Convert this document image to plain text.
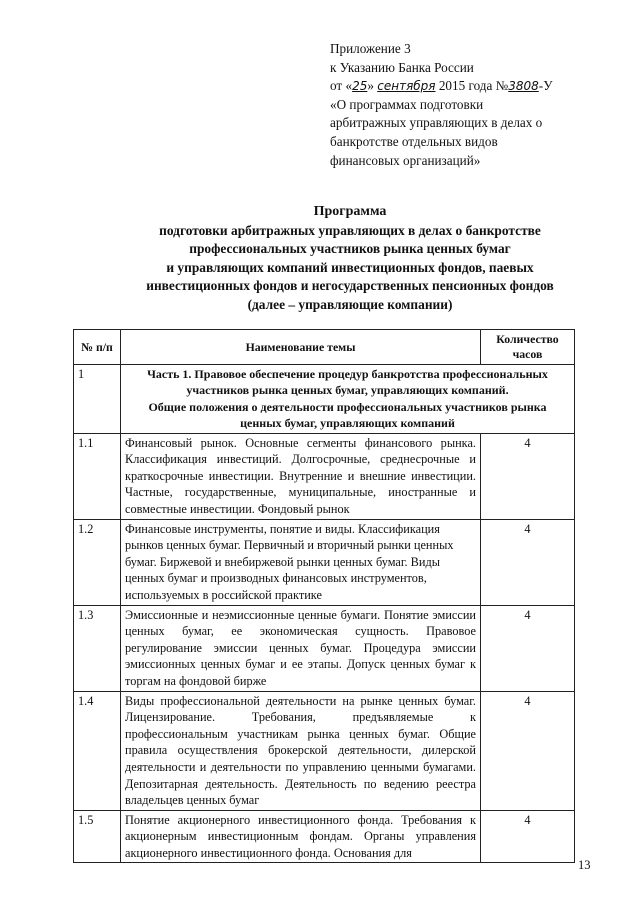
Приложение 3
к Указанию Банка России
от «25» сентября 2015 года №3808-У
«О программах подготовки
арбитражных управляющих в делах о
банкротстве отдельных видов
финансовых организаций»
Программа
подготовки арбитражных управляющих в делах о банкротстве
профессиональных участников рынка ценных бумаг
и управляющих компаний инвестиционных фондов, паевых
инвестиционных фондов и негосударственных пенсионных фондов
(далее – управляющие компании)
№ п/п	Наименование темы	Количество часов
1	Часть 1. Правовое обеспечение процедур банкротства профессиональных
участников рынка ценных бумаг, управляющих компаний.
Общие положения о деятельности профессиональных участников рынка
ценных бумаг, управляющих компаний	

1.1	Финансовый рынок. Основные сегменты финансового рынка. Классификация инвестиций. Долгосрочные, среднесрочные и краткосрочные инвестиции. Внутренние и внешние инвестиции. Частные, государственные, муниципальные, иностранные и совместные инвестиции. Фондовый рынок	4
1.2	Финансовые инструменты, понятие и виды. Классификация рынков ценных бумаг. Первичный и вторичный рынки ценных бумаг. Биржевой и внебиржевой рынки ценных бумаг. Виды ценных бумаг и производных финансовых инструментов, используемых в российской практике	4
1.3	Эмиссионные и неэмиссионные ценные бумаги. Понятие эмиссии ценных бумаг, ее экономическая сущность. Правовое регулирование эмиссии ценных бумаг. Процедура эмиссии эмиссионных ценных бумаг и ее этапы. Допуск ценных бумаг к торгам на фондовой бирже	4
1.4	Виды профессиональной деятельности на рынке ценных бумаг. Лицензирование. Требования, предъявляемые к профессиональным участникам рынка ценных бумаг. Общие правила осуществления брокерской деятельности, дилерской деятельности и деятельности по управлению ценными бумагами. Депозитарная деятельность. Деятельность по ведению реестра владельцев ценных бумаг	4
1.5	Понятие акционерного инвестиционного фонда. Требования к акционерным инвестиционным фондам. Органы управления акционерного инвестиционного фонда. Основания для	4
13
